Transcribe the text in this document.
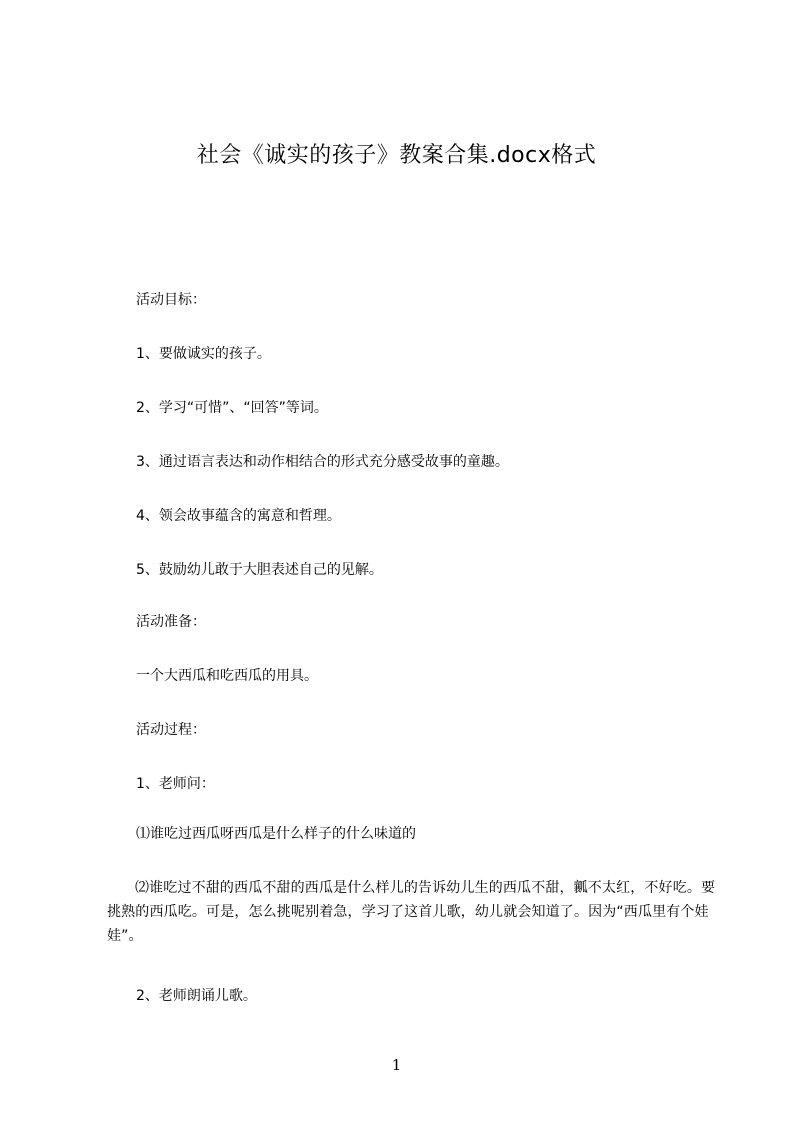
社会《诚实的孩子》教案合集.docx格式
活动目标：
1、要做诚实的孩子。
2、学习“可惜”、“回答”等词。
3、通过语言表达和动作相结合的形式充分感受故事的童趣。
4、领会故事蕴含的寓意和哲理。
5、鼓励幼儿敢于大胆表述自己的见解。
活动准备：
一个大西瓜和吃西瓜的用具。
活动过程：
1、老师问：
⑴谁吃过西瓜呀西瓜是什么样子的什么味道的
⑵谁吃过不甜的西瓜不甜的西瓜是什么样儿的告诉幼儿生的西瓜不甜，瓤不太红，不好吃。要挑熟的西瓜吃。可是，怎么挑呢别着急，学习了这首儿歌，幼儿就会知道了。因为“西瓜里有个娃娃”。
2、老师朗诵儿歌。
1
